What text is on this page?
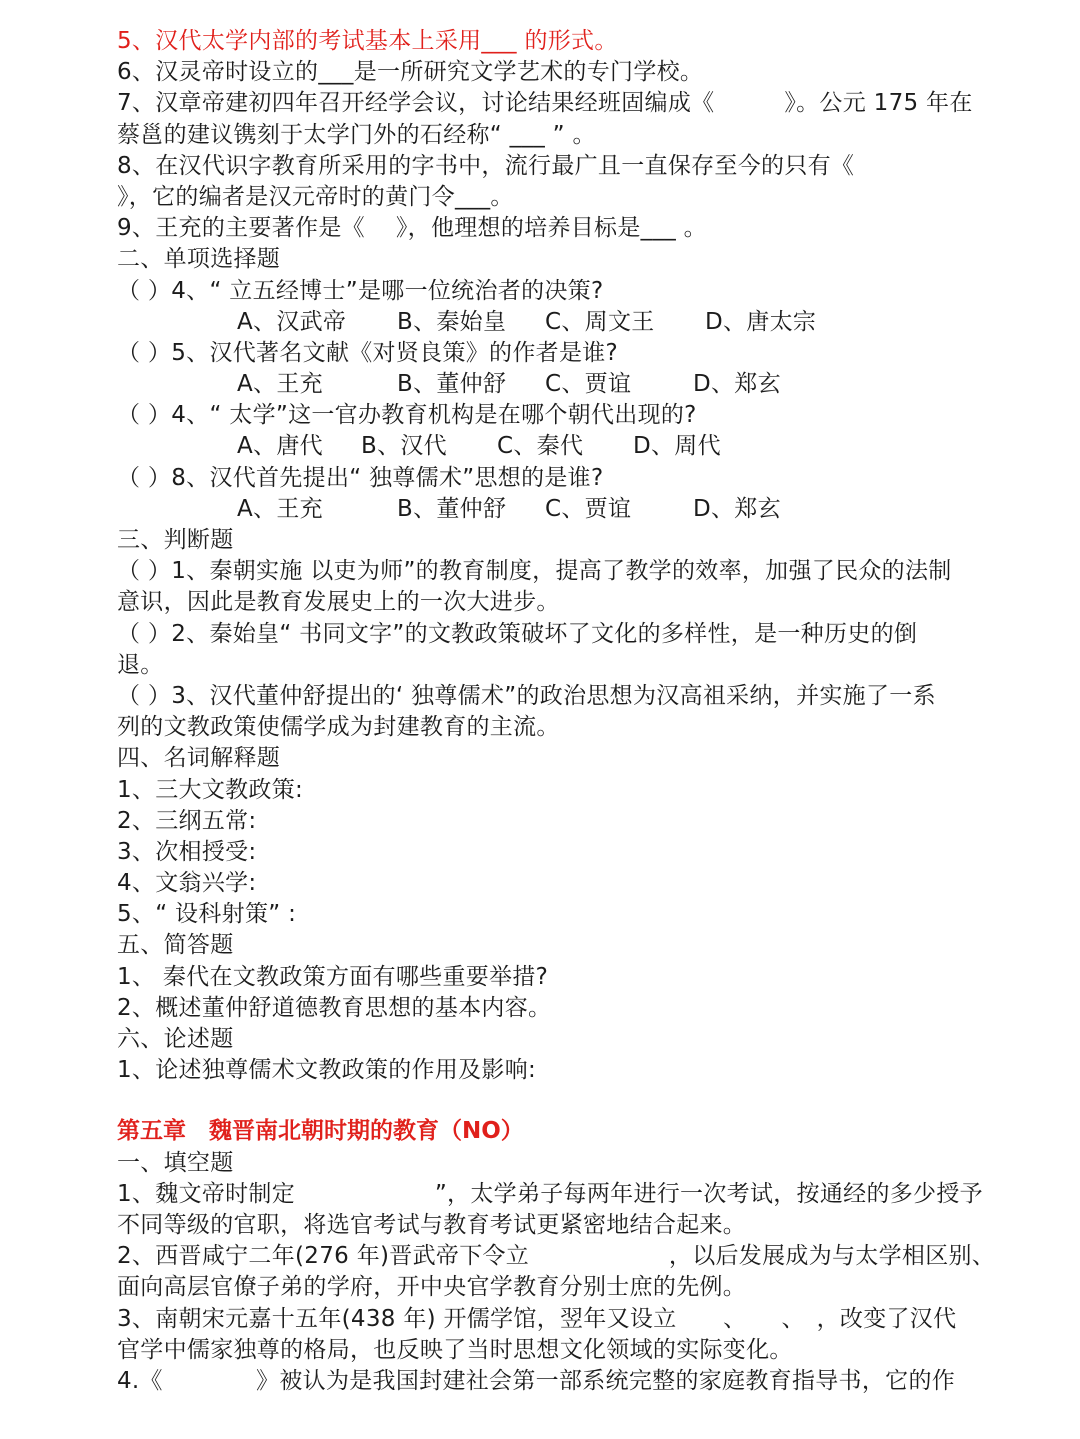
5、汉代太学内部的考试基本上采用___ 的形式。
6、汉灵帝时设立的___是一所研究文学艺术的专门学校。
7、汉章帝建初四年召开经学会议，讨论结果经班固编成《　　　》。公元 175 年在
蔡邕的建议镌刻于太学门外的石经称“ ___ ” 。
8、在汉代识字教育所采用的字书中，流行最广且一直保存至今的只有《
》，它的编者是汉元帝时的黄门令___。
9、王充的主要著作是《　 》，他理想的培养目标是___ 。
二、单项选择题
（ ）4、“ 立五经博士”是哪一位统治者的决策?
A、汉武帝 B、秦始皇 C、周文王 D、唐太宗
（ ）5、汉代著名文献《对贤良策》的作者是谁?
A、王充	B、董仲舒 C、贾谊	D、郑玄
（ ）4、“ 太学”这一官办教育机构是在哪个朝代出现的?
A、唐代 B、汉代 C、秦代 D、周代
（ ）8、汉代首先提出“ 独尊儒术”思想的是谁?
A、王充	B、董仲舒 C、贾谊	D、郑玄
三、判断题
（ ）1、秦朝实施 以吏为师”的教育制度，提高了教学的效率，加强了民众的法制
意识，因此是教育发展史上的一次大进步。
（ ）2、秦始皇“ 书同文字”的文教政策破坏了文化的多样性，是一种历史的倒
退。
（ ）3、汉代董仲舒提出的‘ 独尊儒术”的政治思想为汉高祖采纳，并实施了一系
列的文教政策使儒学成为封建教育的主流。
四、名词解释题
1、三大文教政策:
2、三纲五常:
3、次相授受:
4、文翁兴学:
5、“ 设科射策” :
五、简答题
1、 秦代在文教政策方面有哪些重要举措?
2、概述董仲舒道德教育思想的基本内容。
六、论述题
1、论述独尊儒术文教政策的作用及影响:
第五章　魏晋南北朝时期的教育（NO）
一、填空题
1、魏文帝时制定　　　　　　”，太学弟子每两年进行一次考试，按通经的多少授予
不同等级的官职，将选官考试与教育考试更紧密地结合起来。
2、西晋咸宁二年(276 年)晋武帝下令立　　　　　　，以后发展成为与太学相区别、
面向高层官僚子弟的学府，开中央官学教育分别士庶的先例。
3、南朝宋元嘉十五年(438 年) 开儒学馆，翌年又设立　　、　　、　，改变了汉代
官学中儒家独尊的格局，也反映了当时思想文化领域的实际变化。
4.《　　　　》被认为是我国封建社会第一部系统完整的家庭教育指导书，它的作
